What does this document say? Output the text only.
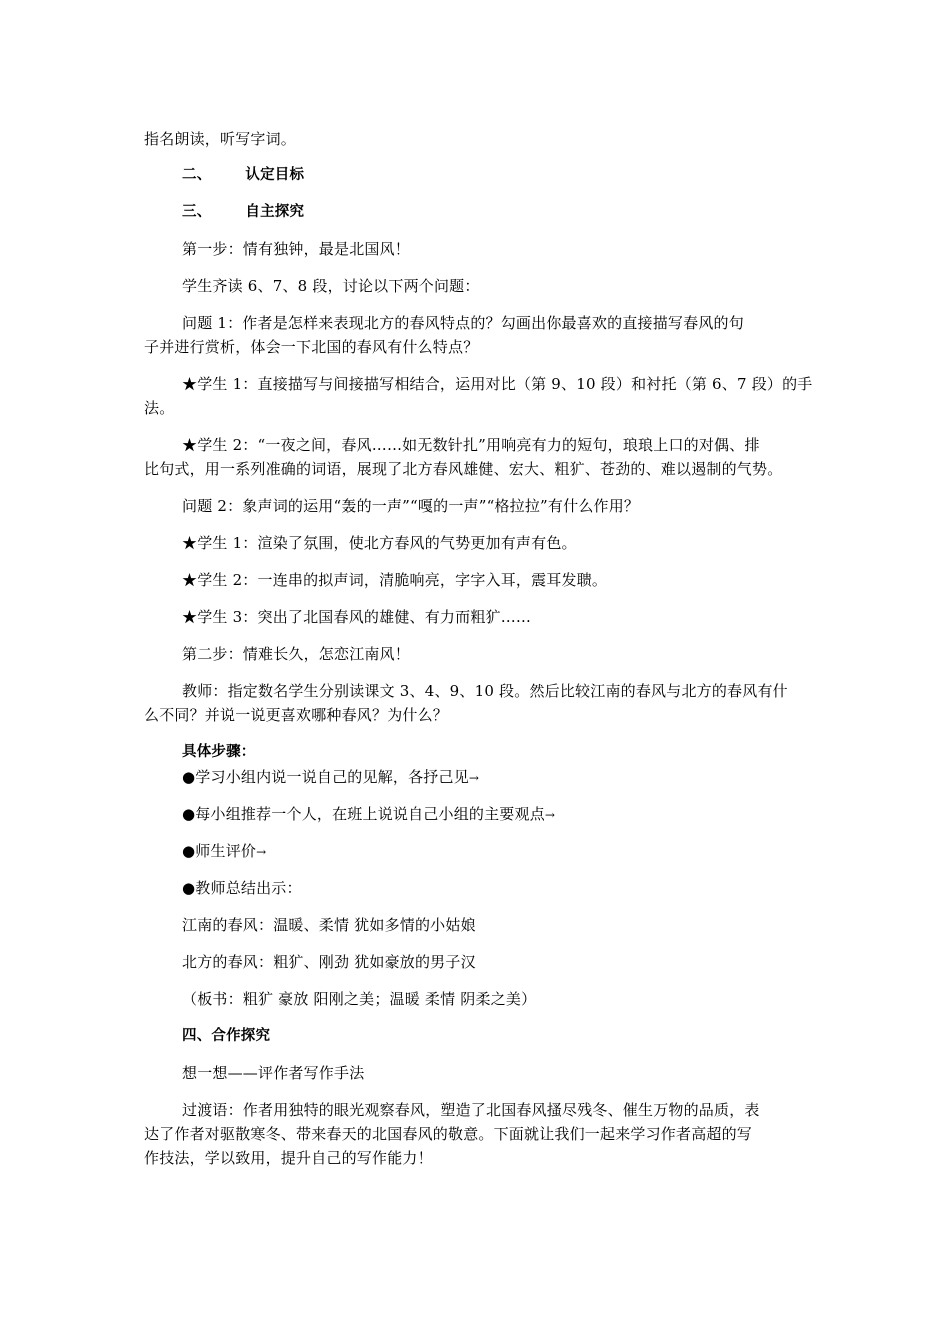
指名朗读，听写字词。
二、 认定目标
三、 自主探究
第一步：情有独钟，最是北国风！
学生齐读 6、7、8 段，讨论以下两个问题：
问题 1：作者是怎样来表现北方的春风特点的？勾画出你最喜欢的直接描写春风的句
子并进行赏析，体会一下北国的春风有什么特点？
★学生 1：直接描写与间接描写相结合，运用对比（第 9、10 段）和衬托（第 6、7 段）的手
法。
★学生 2：“一夜之间，春风……如无数针扎”用响亮有力的短句，琅琅上口的对偶、排
比句式，用一系列准确的词语，展现了北方春风雄健、宏大、粗犷、苍劲的、难以遏制的气势。
问题 2：象声词的运用“轰的一声”“嘎的一声”“格拉拉”有什么作用？
★学生 1：渲染了氛围，使北方春风的气势更加有声有色。
★学生 2：一连串的拟声词，清脆响亮，字字入耳，震耳发聩。
★学生 3：突出了北国春风的雄健、有力而粗犷……
第二步：情难长久，怎恋江南风！
教师：指定数名学生分别读课文 3、4、9、10 段。然后比较江南的春风与北方的春风有什
么不同？并说一说更喜欢哪种春风？为什么？
具体步骤：
●学习小组内说一说自己的见解，各抒己见→
●每小组推荐一个人，在班上说说自己小组的主要观点→
●师生评价→
●教师总结出示：
江南的春风：温暖、柔情 犹如多情的小姑娘
北方的春风：粗犷、刚劲 犹如豪放的男子汉
（板书：粗犷 豪放 阳刚之美；温暖 柔情 阴柔之美）
四、合作探究
想一想——评作者写作手法
过渡语：作者用独特的眼光观察春风，塑造了北国春风搔尽残冬、催生万物的品质，表
达了作者对驱散寒冬、带来春天的北国春风的敬意。下面就让我们一起来学习作者高超的写
作技法，学以致用，提升自己的写作能力！
